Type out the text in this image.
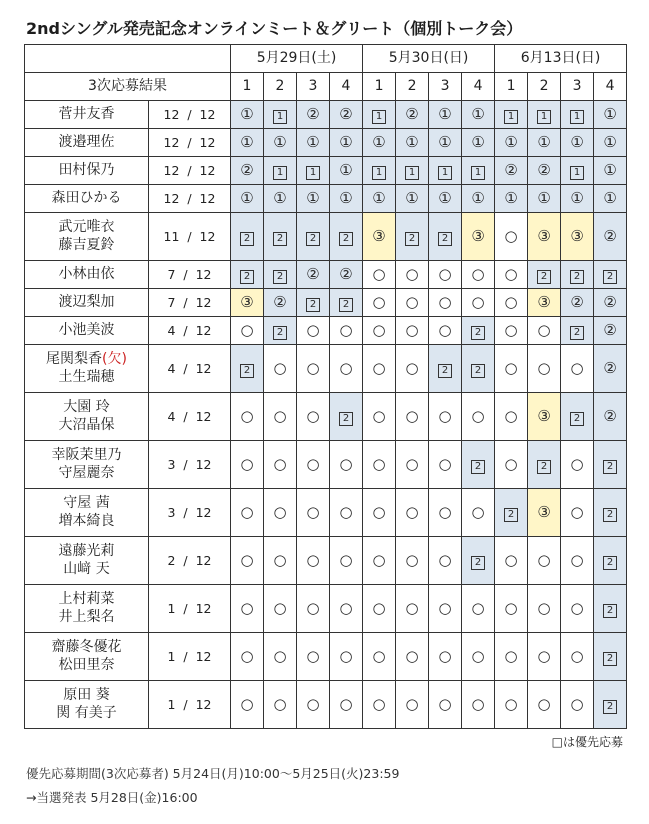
2ndシングル発売記念オンラインミート＆グリート（個別トーク会）
		5月29日(土)				5月30日(日)				6月13日(日)			
3次応募結果		1	2	3	4	1	2	3	4	1	2	3	4

菅井友香	12  /  12	①	1	②	②	1	②	①	①	1	1	1	①

渡邉理佐	12  /  12	①	①	①	①	①	①	①	①	①	①	①	①

田村保乃	12  /  12	②	1	1	①	1	1	1	1	②	②	1	①

森田ひかる	12  /  12	①	①	①	①	①	①	①	①	①	①	①	①

武元唯衣
藤吉夏鈴	11  /  12	2	2	2	2	③	2	2	③	○	③	③	②

小林由依	7  /  12	2	2	②	②	○	○	○	○	○	2	2	2

渡辺梨加	7  /  12	③	②	2	2	○	○	○	○	○	③	②	②

小池美波	4  /  12	○	2	○	○	○	○	○	2	○	○	2	②

尾関梨香(欠)
土生瑞穂	4  /  12	2	○	○	○	○	○	2	2	○	○	○	②

大園 玲
大沼晶保	4  /  12	○	○	○	2	○	○	○	○	○	③	2	②

幸阪茉里乃
守屋麗奈	3  /  12	○	○	○	○	○	○	○	2	○	2	○	2

守屋 茜
増本綺良	3  /  12	○	○	○	○	○	○	○	○	2	③	○	2

遠藤光莉
山﨑 天	2  /  12	○	○	○	○	○	○	○	2	○	○	○	2

上村莉菜
井上梨名	1  /  12	○	○	○	○	○	○	○	○	○	○	○	2

齋藤冬優花
松田里奈	1  /  12	○	○	○	○	○	○	○	○	○	○	○	2

原田 葵
関 有美子	1  /  12	○	○	○	○	○	○	○	○	○	○	○	2
□は優先応募
優先応募期間(3次応募者) 5月24日(月)10:00～5月25日(火)23:59
→当選発表 5月28日(金)16:00
